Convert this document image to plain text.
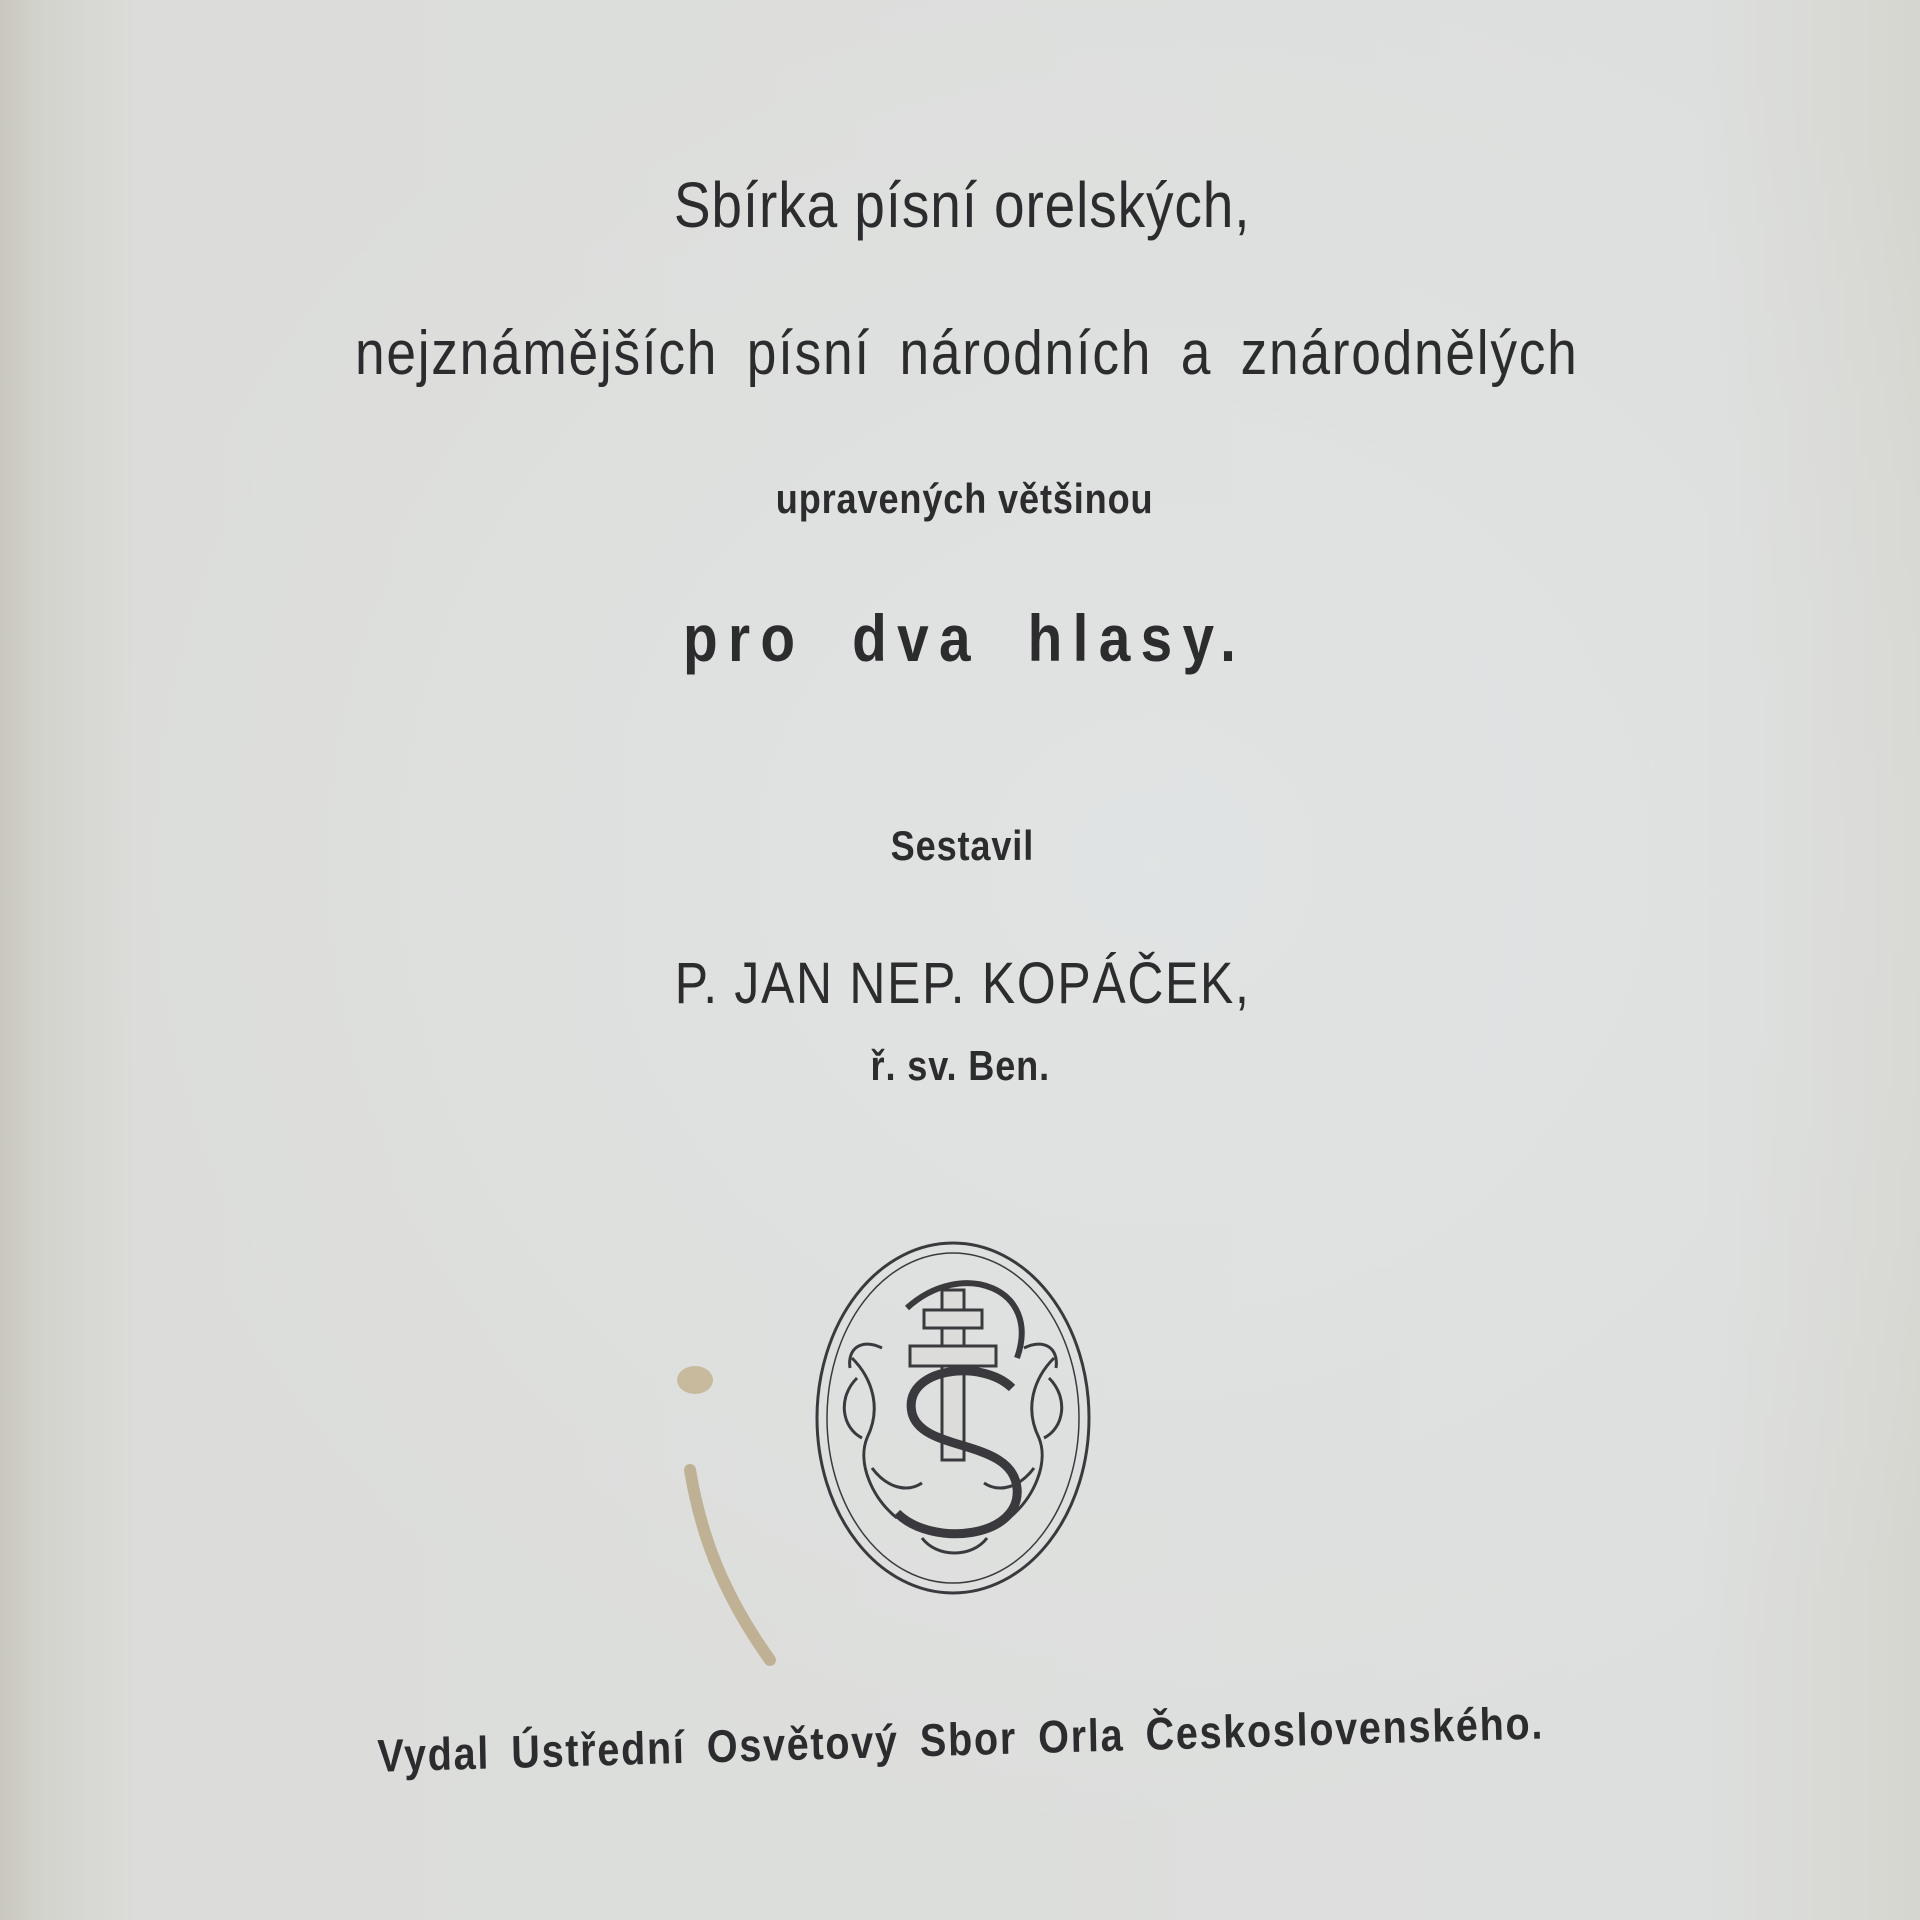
Sbírka písní orelských,
nejznámějších písní národních a znárodnělých
upravených většinou
pro dva hlasy.
Sestavil
P. JAN NEP. KOPÁČEK,
ř. sv. Ben.
Vydal Ústřední Osvětový Sbor Orla Československého.
